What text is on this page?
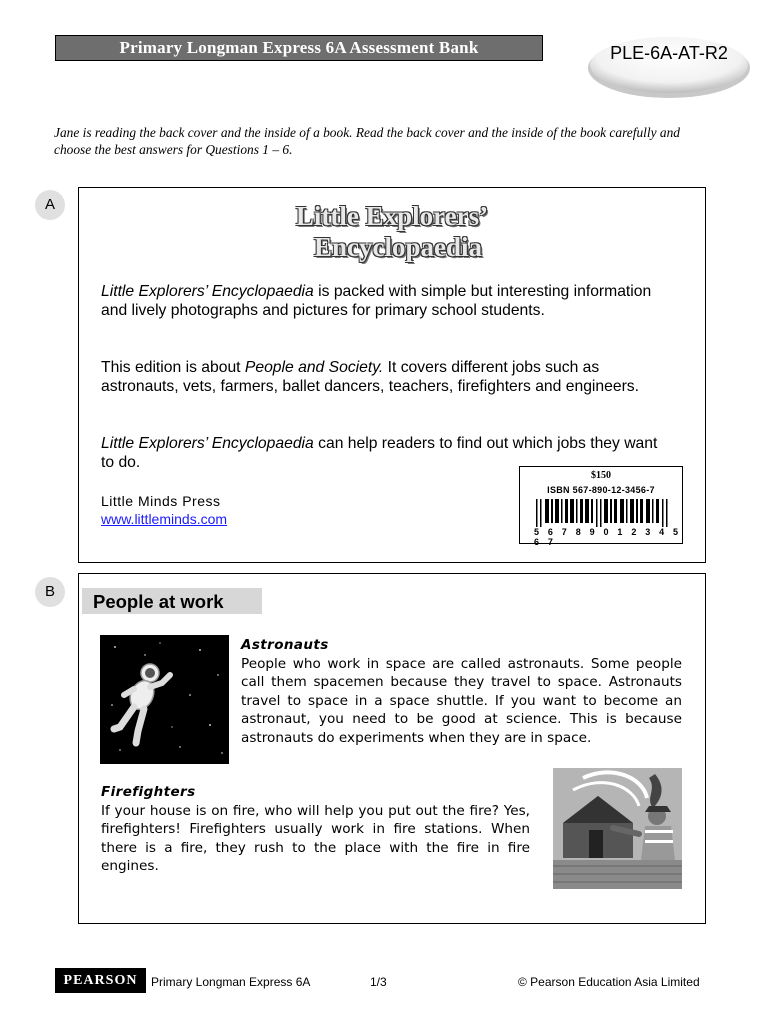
Primary Longman Express 6A Assessment Bank	PLE-6A-AT-R2
Jane is reading the back cover and the inside of a book. Read the back cover and the inside of the book carefully and choose the best answers for Questions 1 – 6.
A	Little Explorers’
Encyclopaedia
Little Explorers’ Encyclopaedia is packed with simple but interesting information and lively photographs and pictures for primary school students.
This edition is about People and Society. It covers different jobs such as astronauts, vets, farmers, ballet dancers, teachers, firefighters and engineers.
Little Explorers’ Encyclopaedia can help readers to find out which jobs they want to do.
Little Minds Press
www.littleminds.com
$150
ISBN 567-890-12-3456-7
5 6 7 8 9 0 1 2 3 4 5 6 7
B	People at work
Astronauts
People who work in space are called astronauts. Some people call them spacemen because they travel to space. Astronauts travel to space in a space shuttle. If you want to become an astronaut, you need to be good at science. This is because astronauts do experiments when they are in space.
Firefighters
If your house is on fire, who will help you put out the fire? Yes, firefighters! Firefighters usually work in fire stations. When there is a fire, they rush to the place with the fire in fire engines.
PEARSON	Primary Longman Express 6A	1/3	© Pearson Education Asia Limited
